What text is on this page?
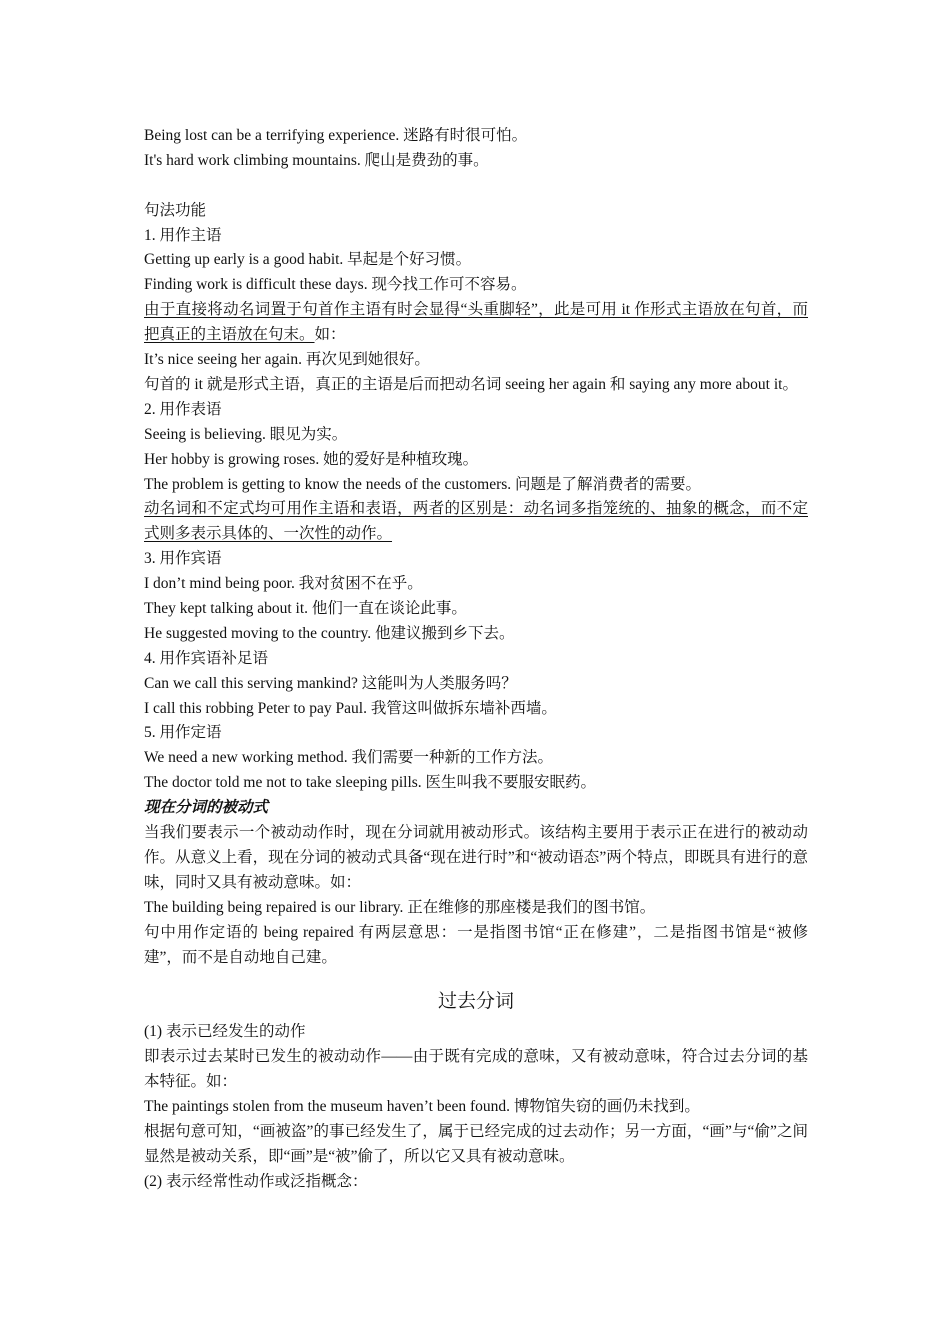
Being lost can be a terrifying experience. 迷路有时很可怕。
It's hard work climbing mountains. 爬山是费劲的事。
句法功能
1. 用作主语
Getting up early is a good habit. 早起是个好习惯。
Finding work is difficult these days. 现今找工作可不容易。
由于直接将动名词置于句首作主语有时会显得“头重脚轻”，此是可用 it 作形式主语放在句首，而把真正的主语放在句末。如：
It’s nice seeing her again. 再次见到她很好。
句首的 it 就是形式主语，真正的主语是后而把动名词 seeing her again 和 saying any more about it。
2. 用作表语
Seeing is believing. 眼见为实。
Her hobby is growing roses. 她的爱好是种植玫瑰。
The problem is getting to know the needs of the customers. 问题是了解消费者的需要。
动名词和不定式均可用作主语和表语，两者的区别是：动名词多指笼统的、抽象的概念，而不定式则多表示具体的、一次性的动作。
3. 用作宾语
I don’t mind being poor. 我对贫困不在乎。
They kept talking about it. 他们一直在谈论此事。
He suggested moving to the country. 他建议搬到乡下去。
4. 用作宾语补足语
Can we call this serving mankind? 这能叫为人类服务吗？
I call this robbing Peter to pay Paul. 我管这叫做拆东墙补西墙。
5. 用作定语
We need a new working method. 我们需要一种新的工作方法。
The doctor told me not to take sleeping pills. 医生叫我不要服安眠药。
现在分词的被动式
当我们要表示一个被动动作时，现在分词就用被动形式。该结构主要用于表示正在进行的被动动作。从意义上看，现在分词的被动式具备“现在进行时”和“被动语态”两个特点，即既具有进行的意味，同时又具有被动意味。如：
The building being repaired is our library. 正在维修的那座楼是我们的图书馆。
句中用作定语的 being repaired 有两层意思：一是指图书馆“正在修建”，二是指图书馆是“被修建”，而不是自动地自己建。
过去分词
(1) 表示已经发生的动作
即表示过去某时已发生的被动动作——由于既有完成的意味，又有被动意味，符合过去分词的基本特征。如：
The paintings stolen from the museum haven’t been found. 博物馆失窃的画仍未找到。
根据句意可知，“画被盗”的事已经发生了，属于已经完成的过去动作；另一方面，“画”与“偷”之间显然是被动关系，即“画”是“被”偷了，所以它又具有被动意味。
(2) 表示经常性动作或泛指概念：
